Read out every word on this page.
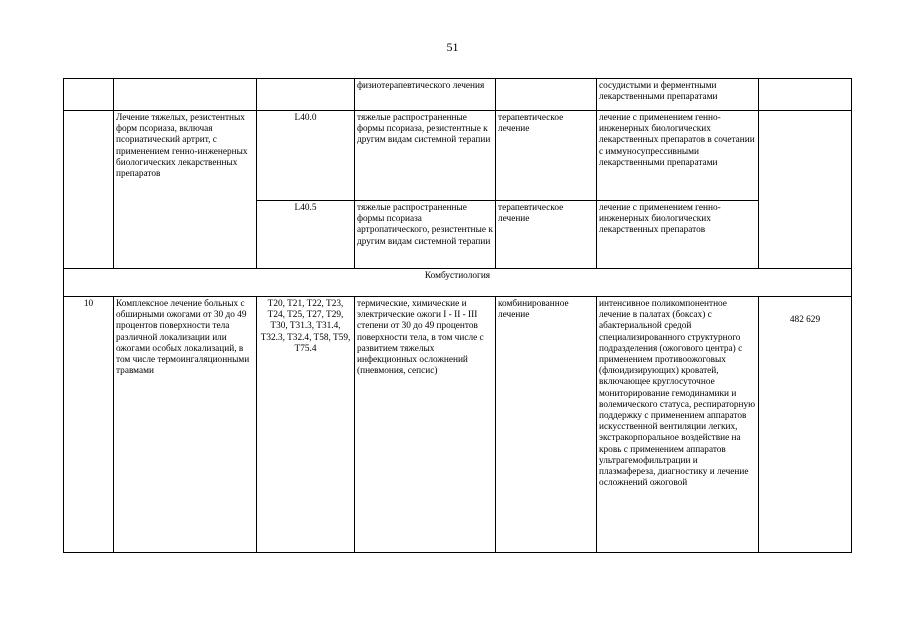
51
			физиотерапевтического лечения		сосудистыми и ферментными лекарственными препаратами	
	Лечение тяжелых, резистентных форм псориаза, включая псориатический артрит, с применением генно-инженерных биологических лекарственных препаратов	L40.0	тяжелые распространенные формы псориаза, резистентные к другим видам системной терапии	терапевтическое лечение	лечение с применением генно-инженерных биологических лекарственных препаратов в сочетании с иммуносупрессивными лекарственными препаратами	
		L40.5	тяжелые распространенные формы псориаза артропатического, резистентные к другим видам системной терапии	терапевтическое лечение	лечение с применением генно-инженерных биологических лекарственных препаратов	
Комбустиология						
10	Комплексное лечение больных с обширными ожогами от 30 до 49 процентов поверхности тела различной локализации или ожогами особых локализаций, в том числе термоингаляционными травмами	T20, T21, T22, T23, T24, T25, T27, T29, T30, T31.3, T31.4, T32.3, T32.4, T58, T59, T75.4	термические, химические и электрические ожоги I - II - III степени от 30 до 49 процентов поверхности тела, в том числе с развитием тяжелых инфекционных осложнений (пневмония, сепсис)	комбинированное лечение	интенсивное поликомпонентное лечение в палатах (боксах) с абактериальной средой специализированного структурного подразделения (ожогового центра) с применением противоожоговых (флюидизирующих) кроватей, включающее круглосуточное мониторирование гемодинамики и волемического статуса, респираторную поддержку с применением аппаратов искусственной вентиляции легких, экстракорпоральное воздействие на кровь с применением аппаратов ультрагемофильтрации и плазмафереза, диагностику и лечение осложнений ожоговой	482 629
